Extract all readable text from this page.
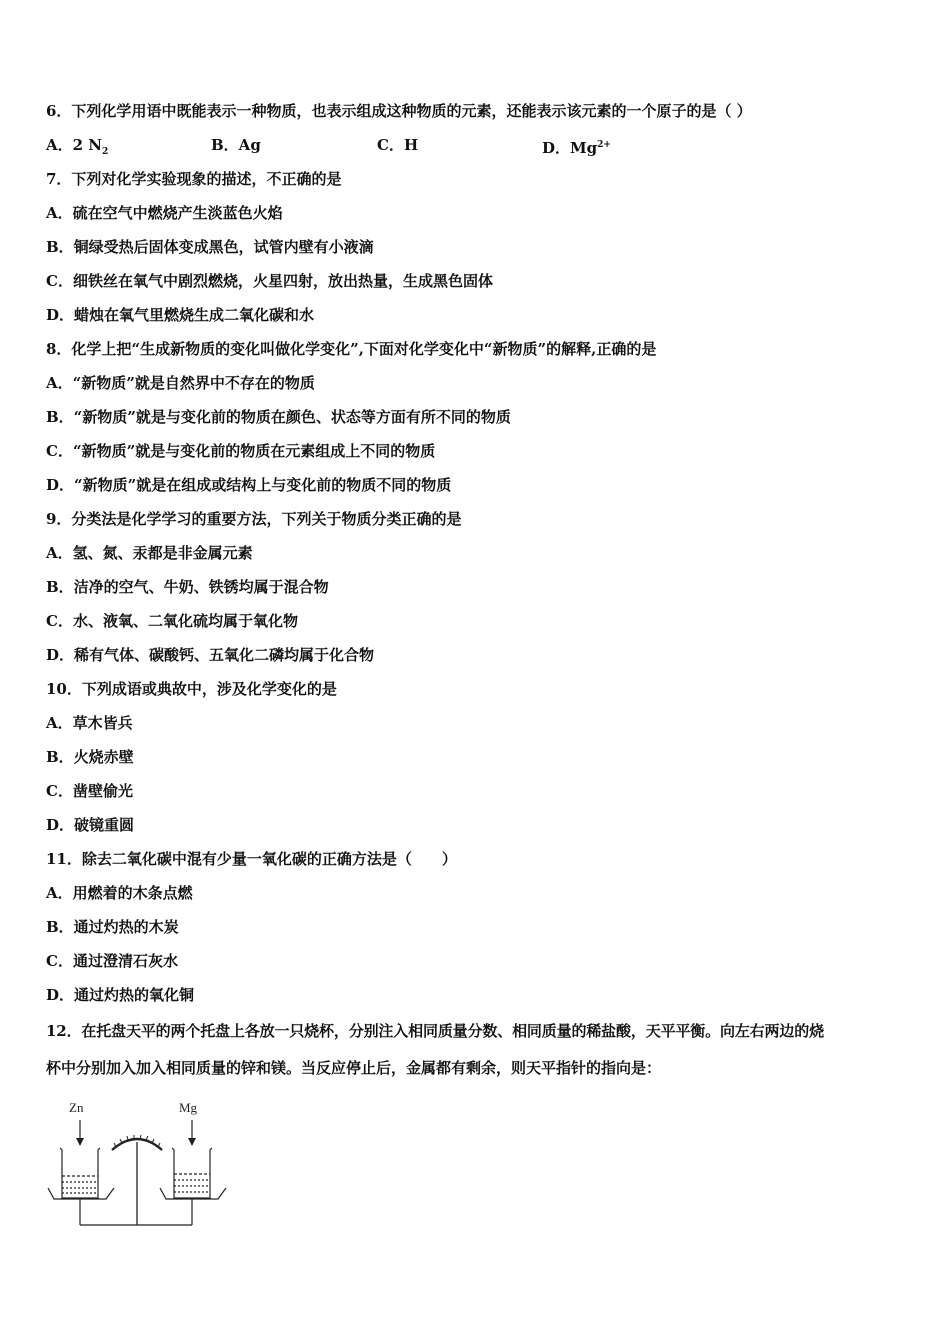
6．下列化学用语中既能表示一种物质，也表示组成这种物质的元素，还能表示该元素的一个原子的是（ ）
A．2 $N_2$	B．Ag	C．H	D．$Mg^{2+}$
7．下列对化学实验现象的描述，不正确的是
A．硫在空气中燃烧产生淡蓝色火焰
B．铜绿受热后固体变成黑色，试管内壁有小液滴
C．细铁丝在氧气中剧烈燃烧，火星四射，放出热量，生成黑色固体
D．蜡烛在氧气里燃烧生成二氧化碳和水
8．化学上把“生成新物质的变化叫做化学变化”,下面对化学变化中“新物质”的解释,正确的是
A．“新物质”就是自然界中不存在的物质
B．“新物质”就是与变化前的物质在颜色、状态等方面有所不同的物质
C．“新物质”就是与变化前的物质在元素组成上不同的物质
D．“新物质”就是在组成或结构上与变化前的物质不同的物质
9．分类法是化学学习的重要方法，下列关于物质分类正确的是
A．氢、氮、汞都是非金属元素
B．洁净的空气、牛奶、铁锈均属于混合物
C．水、液氧、二氧化硫均属于氧化物
D．稀有气体、碳酸钙、五氧化二磷均属于化合物
10．下列成语或典故中，涉及化学变化的是
A．草木皆兵
B．火烧赤壁
C．凿壁偷光
D．破镜重圆
11．除去二氧化碳中混有少量一氧化碳的正确方法是（　　）
A．用燃着的木条点燃
B．通过灼热的木炭
C．通过澄清石灰水
D．通过灼热的氧化铜
12．在托盘天平的两个托盘上各放一只烧杯，分别注入相同质量分数、相同质量的稀盐酸，天平平衡。向左右两边的烧
杯中分别加入加入相同质量的锌和镁。当反应停止后，金属都有剩余，则天平指针的指向是：
Zn	Mg
